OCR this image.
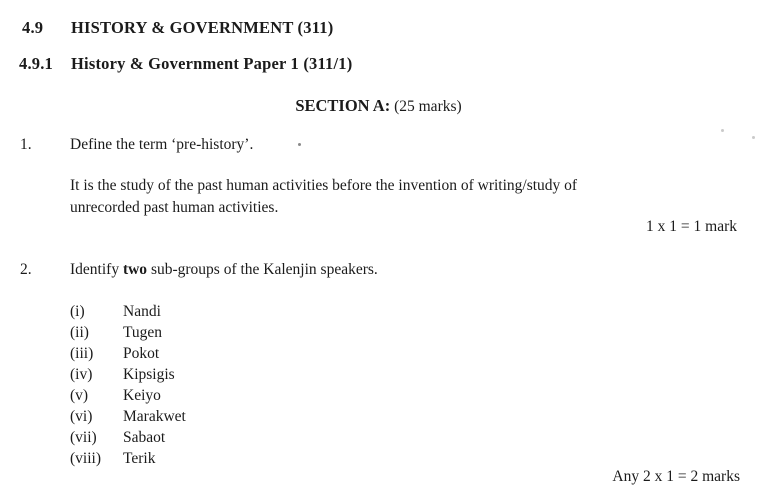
4.9 HISTORY & GOVERNMENT (311)
4.9.1 History & Government Paper 1 (311/1)
SECTION A: (25 marks)
1. Define the term ‘pre-history’.
It is the study of the past human activities before the invention of writing/study of
unrecorded past human activities.
1 x 1 = 1 mark
2. Identify two sub-groups of the Kalenjin speakers.
(i) Nandi
(ii) Tugen
(iii) Pokot
(iv) Kipsigis
(v) Keiyo
(vi) Marakwet
(vii) Sabaot
(viii) Terik
Any 2 x 1 = 2 marks
